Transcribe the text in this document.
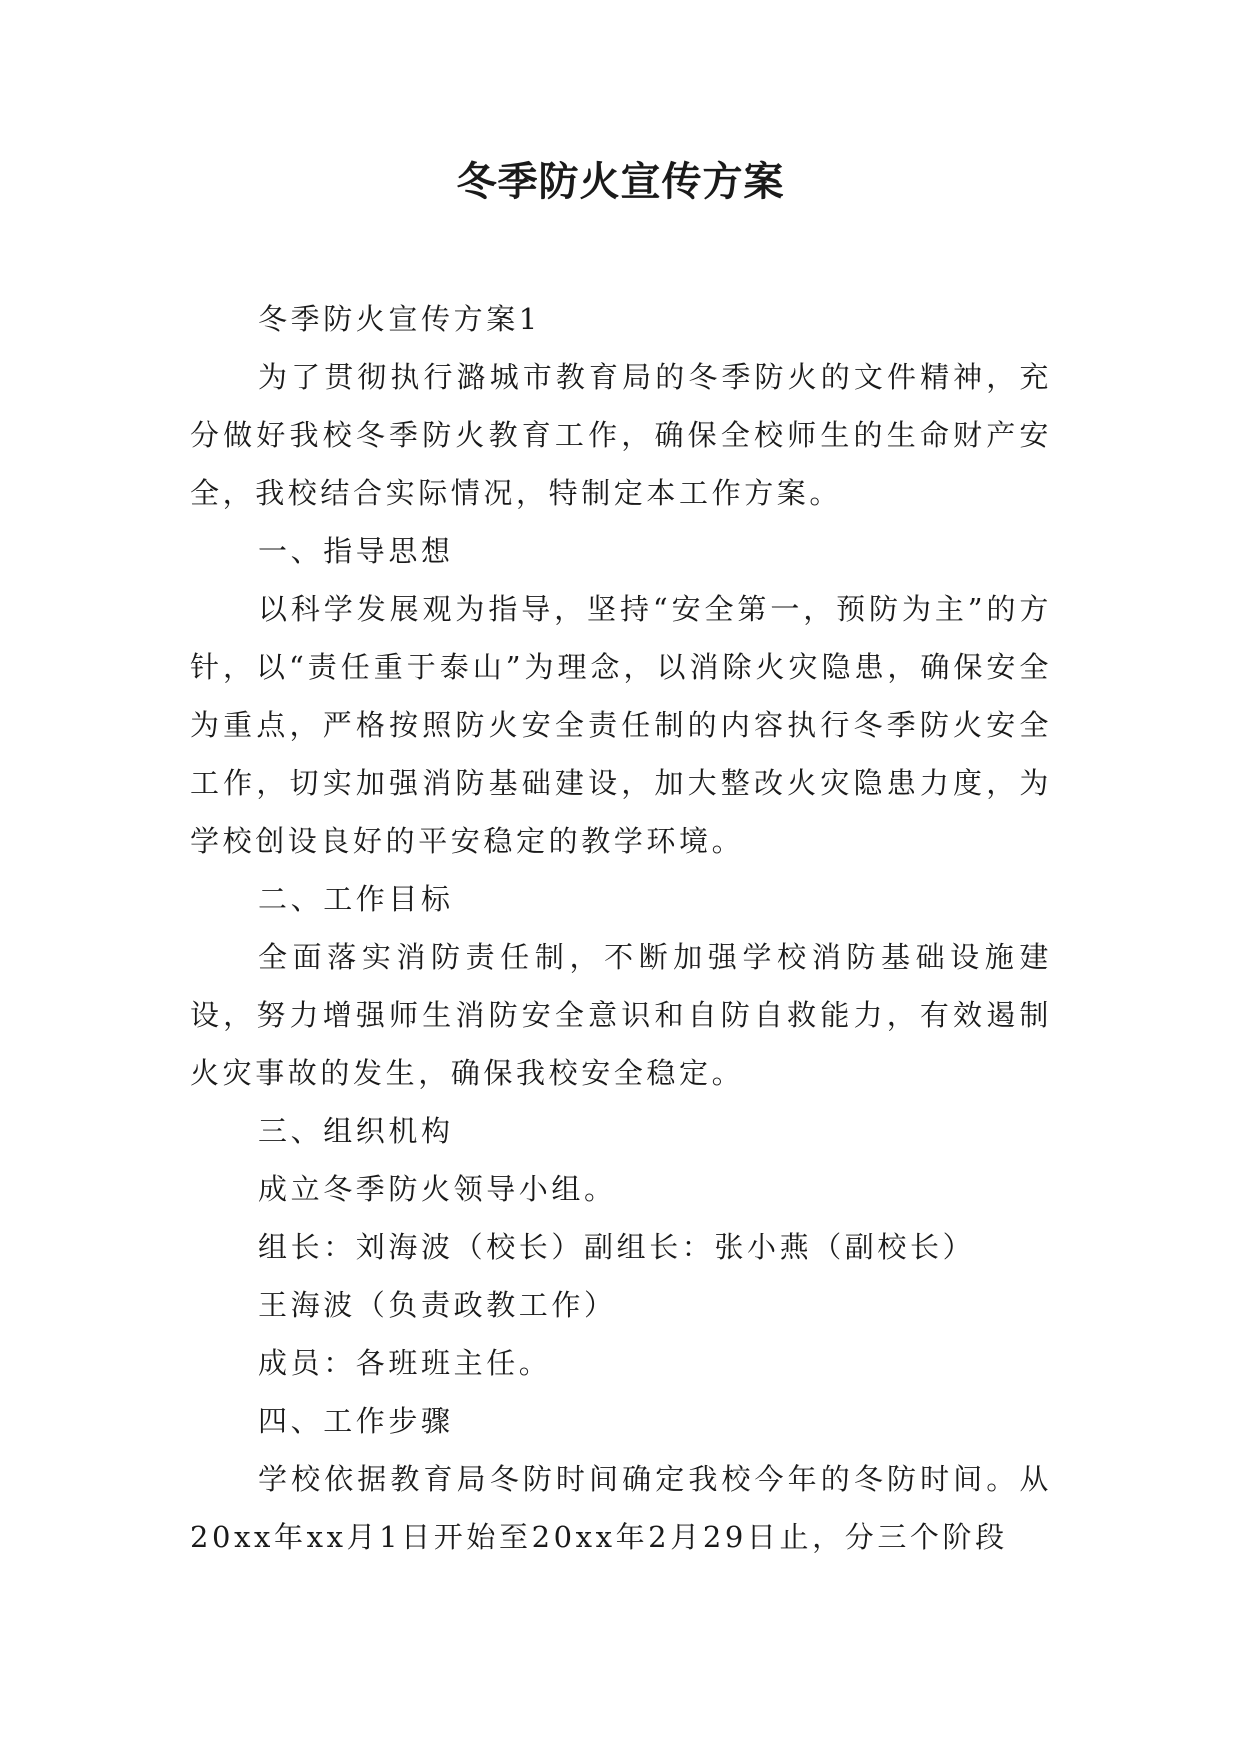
冬季防火宣传方案

冬季防火宣传方案1

为了贯彻执行潞城市教育局的冬季防火的文件精神，充分做好我校冬季防火教育工作，确保全校师生的生命财产安全，我校结合实际情况，特制定本工作方案。

一、指导思想

以科学发展观为指导，坚持“安全第一，预防为主”的方针，以“责任重于泰山”为理念，以消除火灾隐患，确保安全为重点，严格按照防火安全责任制的内容执行冬季防火安全工作，切实加强消防基础建设，加大整改火灾隐患力度，为学校创设良好的平安稳定的教学环境。

二、工作目标

全面落实消防责任制，不断加强学校消防基础设施建设，努力增强师生消防安全意识和自防自救能力，有效遏制火灾事故的发生，确保我校安全稳定。

三、组织机构

成立冬季防火领导小组。

组长：刘海波（校长）副组长：张小燕（副校长）

王海波（负责政教工作）

成员：各班班主任。

四、工作步骤

学校依据教育局冬防时间确定我校今年的冬防时间。从20xx年xx月1日开始至20xx年2月29日止，分三个阶段
